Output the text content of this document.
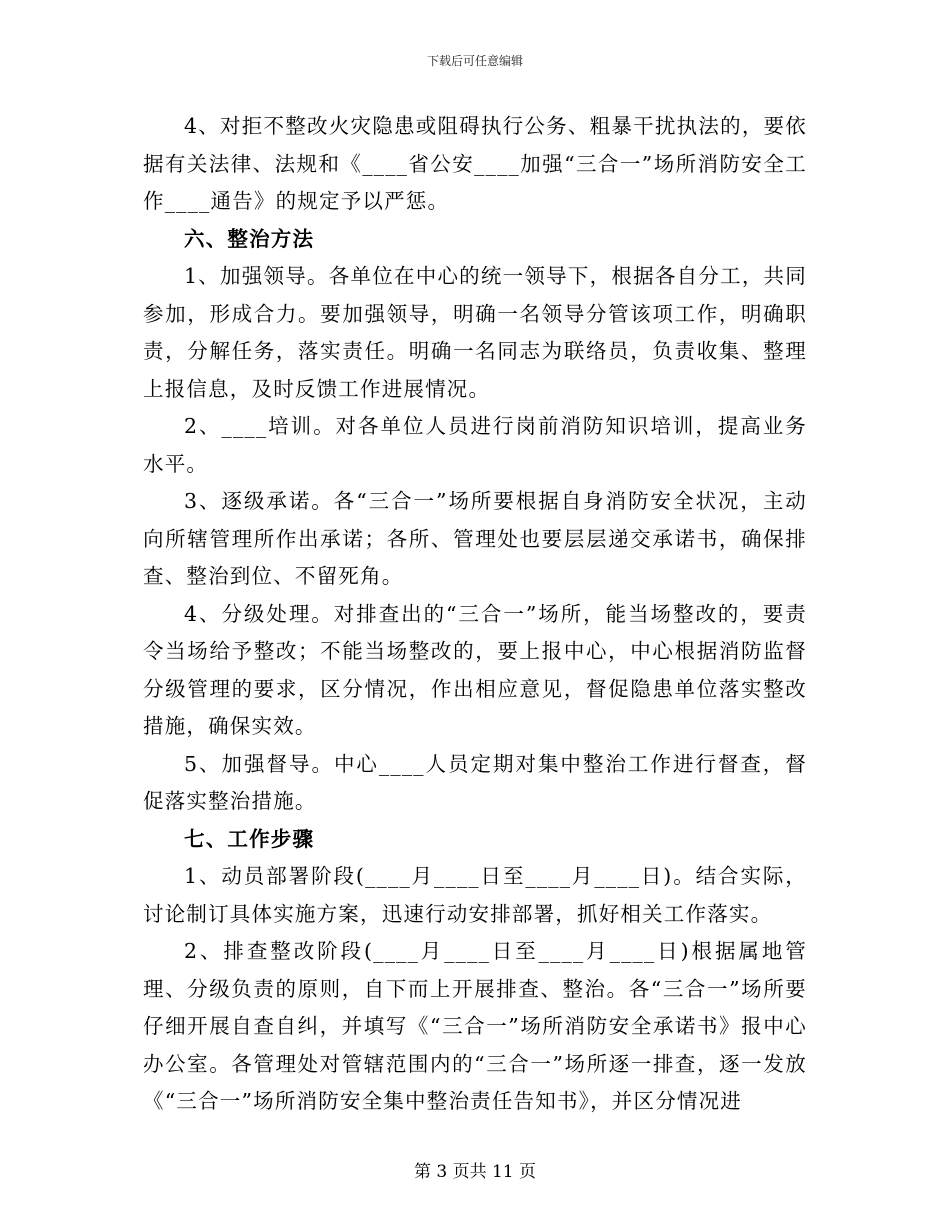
下载后可任意编辑

4、对拒不整改火灾隐患或阻碍执行公务、粗暴干扰执法的，要依据有关法律、法规和《____省公安____加强“三合一”场所消防安全工作____通告》的规定予以严惩。

六、整治方法

1、加强领导。各单位在中心的统一领导下，根据各自分工，共同参加，形成合力。要加强领导，明确一名领导分管该项工作，明确职责，分解任务，落实责任。明确一名同志为联络员，负责收集、整理上报信息，及时反馈工作进展情况。

2、____培训。对各单位人员进行岗前消防知识培训，提高业务水平。

3、逐级承诺。各“三合一”场所要根据自身消防安全状况，主动向所辖管理所作出承诺；各所、管理处也要层层递交承诺书，确保排查、整治到位、不留死角。

4、分级处理。对排查出的“三合一”场所，能当场整改的，要责令当场给予整改；不能当场整改的，要上报中心，中心根据消防监督分级管理的要求，区分情况，作出相应意见，督促隐患单位落实整改措施，确保实效。

5、加强督导。中心____人员定期对集中整治工作进行督查，督促落实整治措施。

七、工作步骤

1、动员部署阶段(____月____日至____月____日)。结合实际，讨论制订具体实施方案，迅速行动安排部署，抓好相关工作落实。

2、排查整改阶段(____月____日至____月____日)根据属地管理、分级负责的原则，自下而上开展排查、整治。各“三合一”场所要仔细开展自查自纠，并填写《“三合一”场所消防安全承诺书》报中心办公室。各管理处对管辖范围内的“三合一”场所逐一排查，逐一发放《“三合一”场所消防安全集中整治责任告知书》，并区分情况进

第 3 页共 11 页
